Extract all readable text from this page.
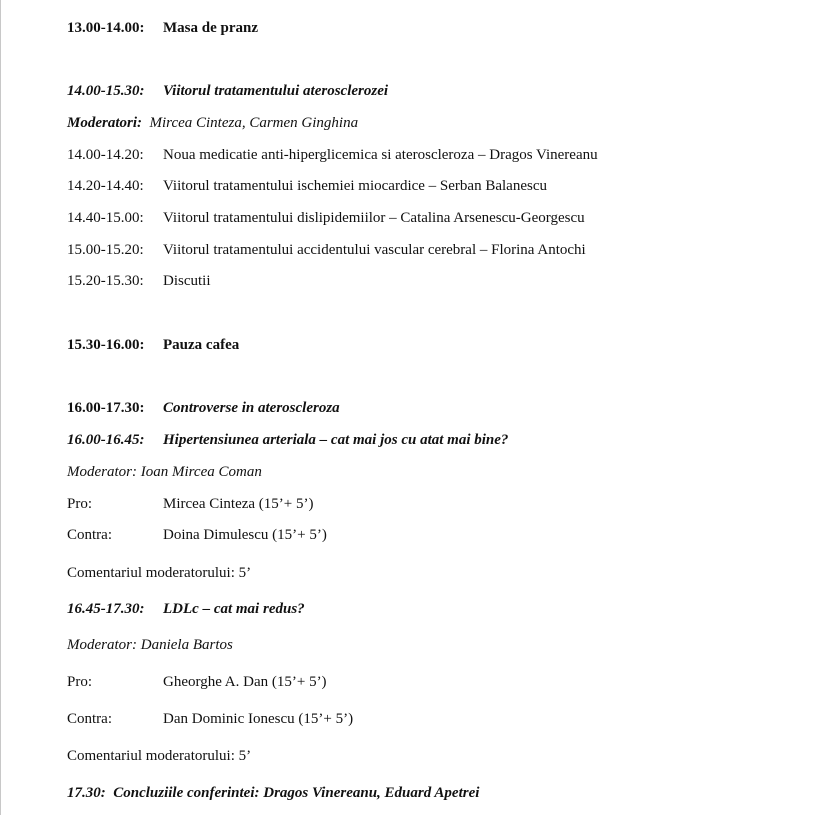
13.00-14.00: Masa de pranz
14.00-15.30: Viitorul tratamentului aterosclerozei
Moderatori: Mircea Cinteza, Carmen Ginghina
14.00-14.20: Noua medicatie anti-hiperglicemica si ateroscleroza – Dragos Vinereanu
14.20-14.40: Viitorul tratamentului ischemiei miocardice – Serban Balanescu
14.40-15.00: Viitorul tratamentului dislipidemiilor – Catalina Arsenescu-Georgescu
15.00-15.20: Viitorul tratamentului accidentului vascular cerebral – Florina Antochi
15.20-15.30: Discutii
15.30-16.00: Pauza cafea
16.00-17.30: Controverse in ateroscleroza
16.00-16.45: Hipertensiunea arteriala – cat mai jos cu atat mai bine?
Moderator: Ioan Mircea Coman
Pro:	Mircea Cinteza (15’+ 5’)
Contra:	Doina Dimulescu (15’+ 5’)
Comentariul moderatorului: 5’
16.45-17.30: LDLc – cat mai redus?
Moderator: Daniela Bartos
Pro:	Gheorghe A. Dan (15’+ 5’)
Contra:	Dan Dominic Ionescu (15’+ 5’)
Comentariul moderatorului: 5’
17.30: Concluziile conferintei: Dragos Vinereanu, Eduard Apetrei
